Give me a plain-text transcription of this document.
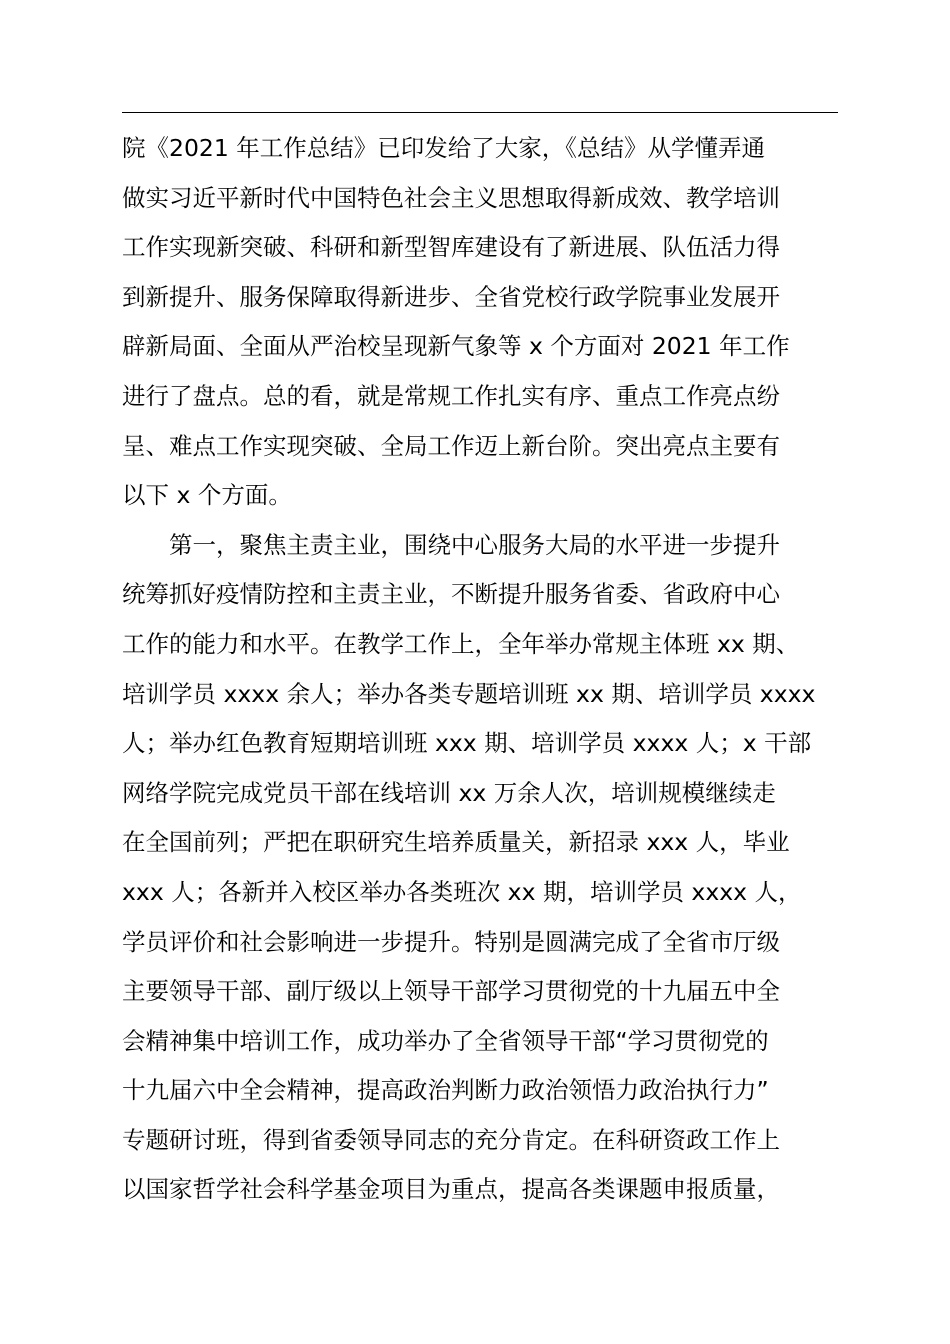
院《2021 年工作总结》已印发给了大家，《总结》从学懂弄通
做实习近平新时代中国特色社会主义思想取得新成效、教学培训
工作实现新突破、科研和新型智库建设有了新进展、队伍活力得
到新提升、服务保障取得新进步、全省党校行政学院事业发展开
辟新局面、全面从严治校呈现新气象等 x 个方面对 2021 年工作
进行了盘点。总的看，就是常规工作扎实有序、重点工作亮点纷
呈、难点工作实现突破、全局工作迈上新台阶。突出亮点主要有
以下 x 个方面。
第一，聚焦主责主业，围绕中心服务大局的水平进一步提升
统筹抓好疫情防控和主责主业，不断提升服务省委、省政府中心
工作的能力和水平。在教学工作上，全年举办常规主体班 xx 期、
培训学员 xxxx 余人；举办各类专题培训班 xx 期、培训学员 xxxx
人；举办红色教育短期培训班 xxx 期、培训学员 xxxx 人；x 干部
网络学院完成党员干部在线培训 xx 万余人次，培训规模继续走
在全国前列；严把在职研究生培养质量关，新招录 xxx 人，毕业
xxx 人；各新并入校区举办各类班次 xx 期，培训学员 xxxx 人，
学员评价和社会影响进一步提升。特别是圆满完成了全省市厅级
主要领导干部、副厅级以上领导干部学习贯彻党的十九届五中全
会精神集中培训工作，成功举办了全省领导干部“学习贯彻党的
十九届六中全会精神，提高政治判断力政治领悟力政治执行力”
专题研讨班，得到省委领导同志的充分肯定。在科研资政工作上
以国家哲学社会科学基金项目为重点，提高各类课题申报质量，
